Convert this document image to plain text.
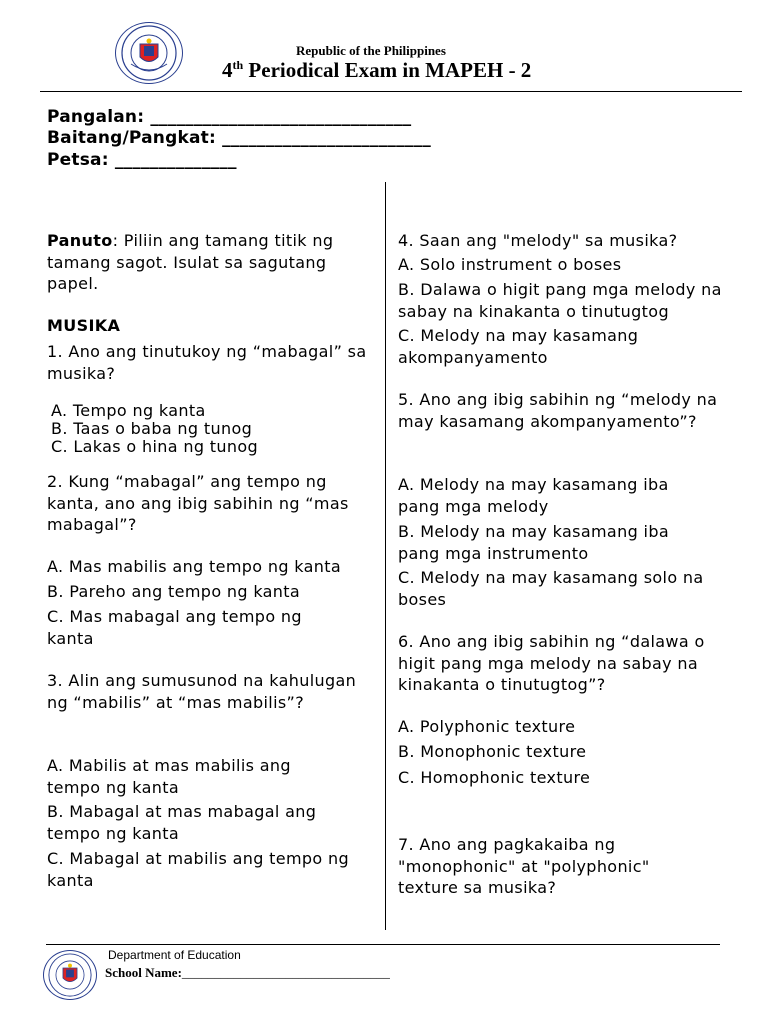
Republic of the Philippines
4th Periodical Exam in MAPEH - 2
Pangalan: ______________________________
Baitang/Pangkat: ________________________
Petsa: ______________
Panuto: Piliin ang tamang titik ng tamang sagot. Isulat sa sagutang papel.
MUSIKA
1. Ano ang tinutukoy ng “mabagal” sa musika?
A. Tempo ng kanta
B. Taas o baba ng tunog
C. Lakas o hina ng tunog
2. Kung “mabagal” ang tempo ng kanta, ano ang ibig sabihin ng “mas mabagal”?
A. Mas mabilis ang tempo ng kanta
B. Pareho ang tempo ng kanta
C. Mas mabagal ang tempo ng kanta
3. Alin ang sumusunod na kahulugan ng “mabilis” at “mas mabilis”?
A. Mabilis at mas mabilis ang tempo ng kanta
B. Mabagal at mas mabagal ang tempo ng kanta
C. Mabagal at mabilis ang tempo ng kanta
4. Saan ang "melody" sa musika?
A. Solo instrument o boses
B. Dalawa o higit pang mga melody na sabay na kinakanta o tinutugtog
C. Melody na may kasamang akompanyamento
5. Ano ang ibig sabihin ng “melody na may kasamang akompanyamento”?
A. Melody na may kasamang iba pang mga melody
B. Melody na may kasamang iba pang mga instrumento
C. Melody na may kasamang solo na boses
6. Ano ang ibig sabihin ng “dalawa o higit pang mga melody na sabay na kinakanta o tinutugtog”?
A. Polyphonic texture
B. Monophonic texture
C. Homophonic texture
7. Ano ang pagkakaiba ng "monophonic" at "polyphonic" texture sa musika?
Department of Education
School Name:________________________________
